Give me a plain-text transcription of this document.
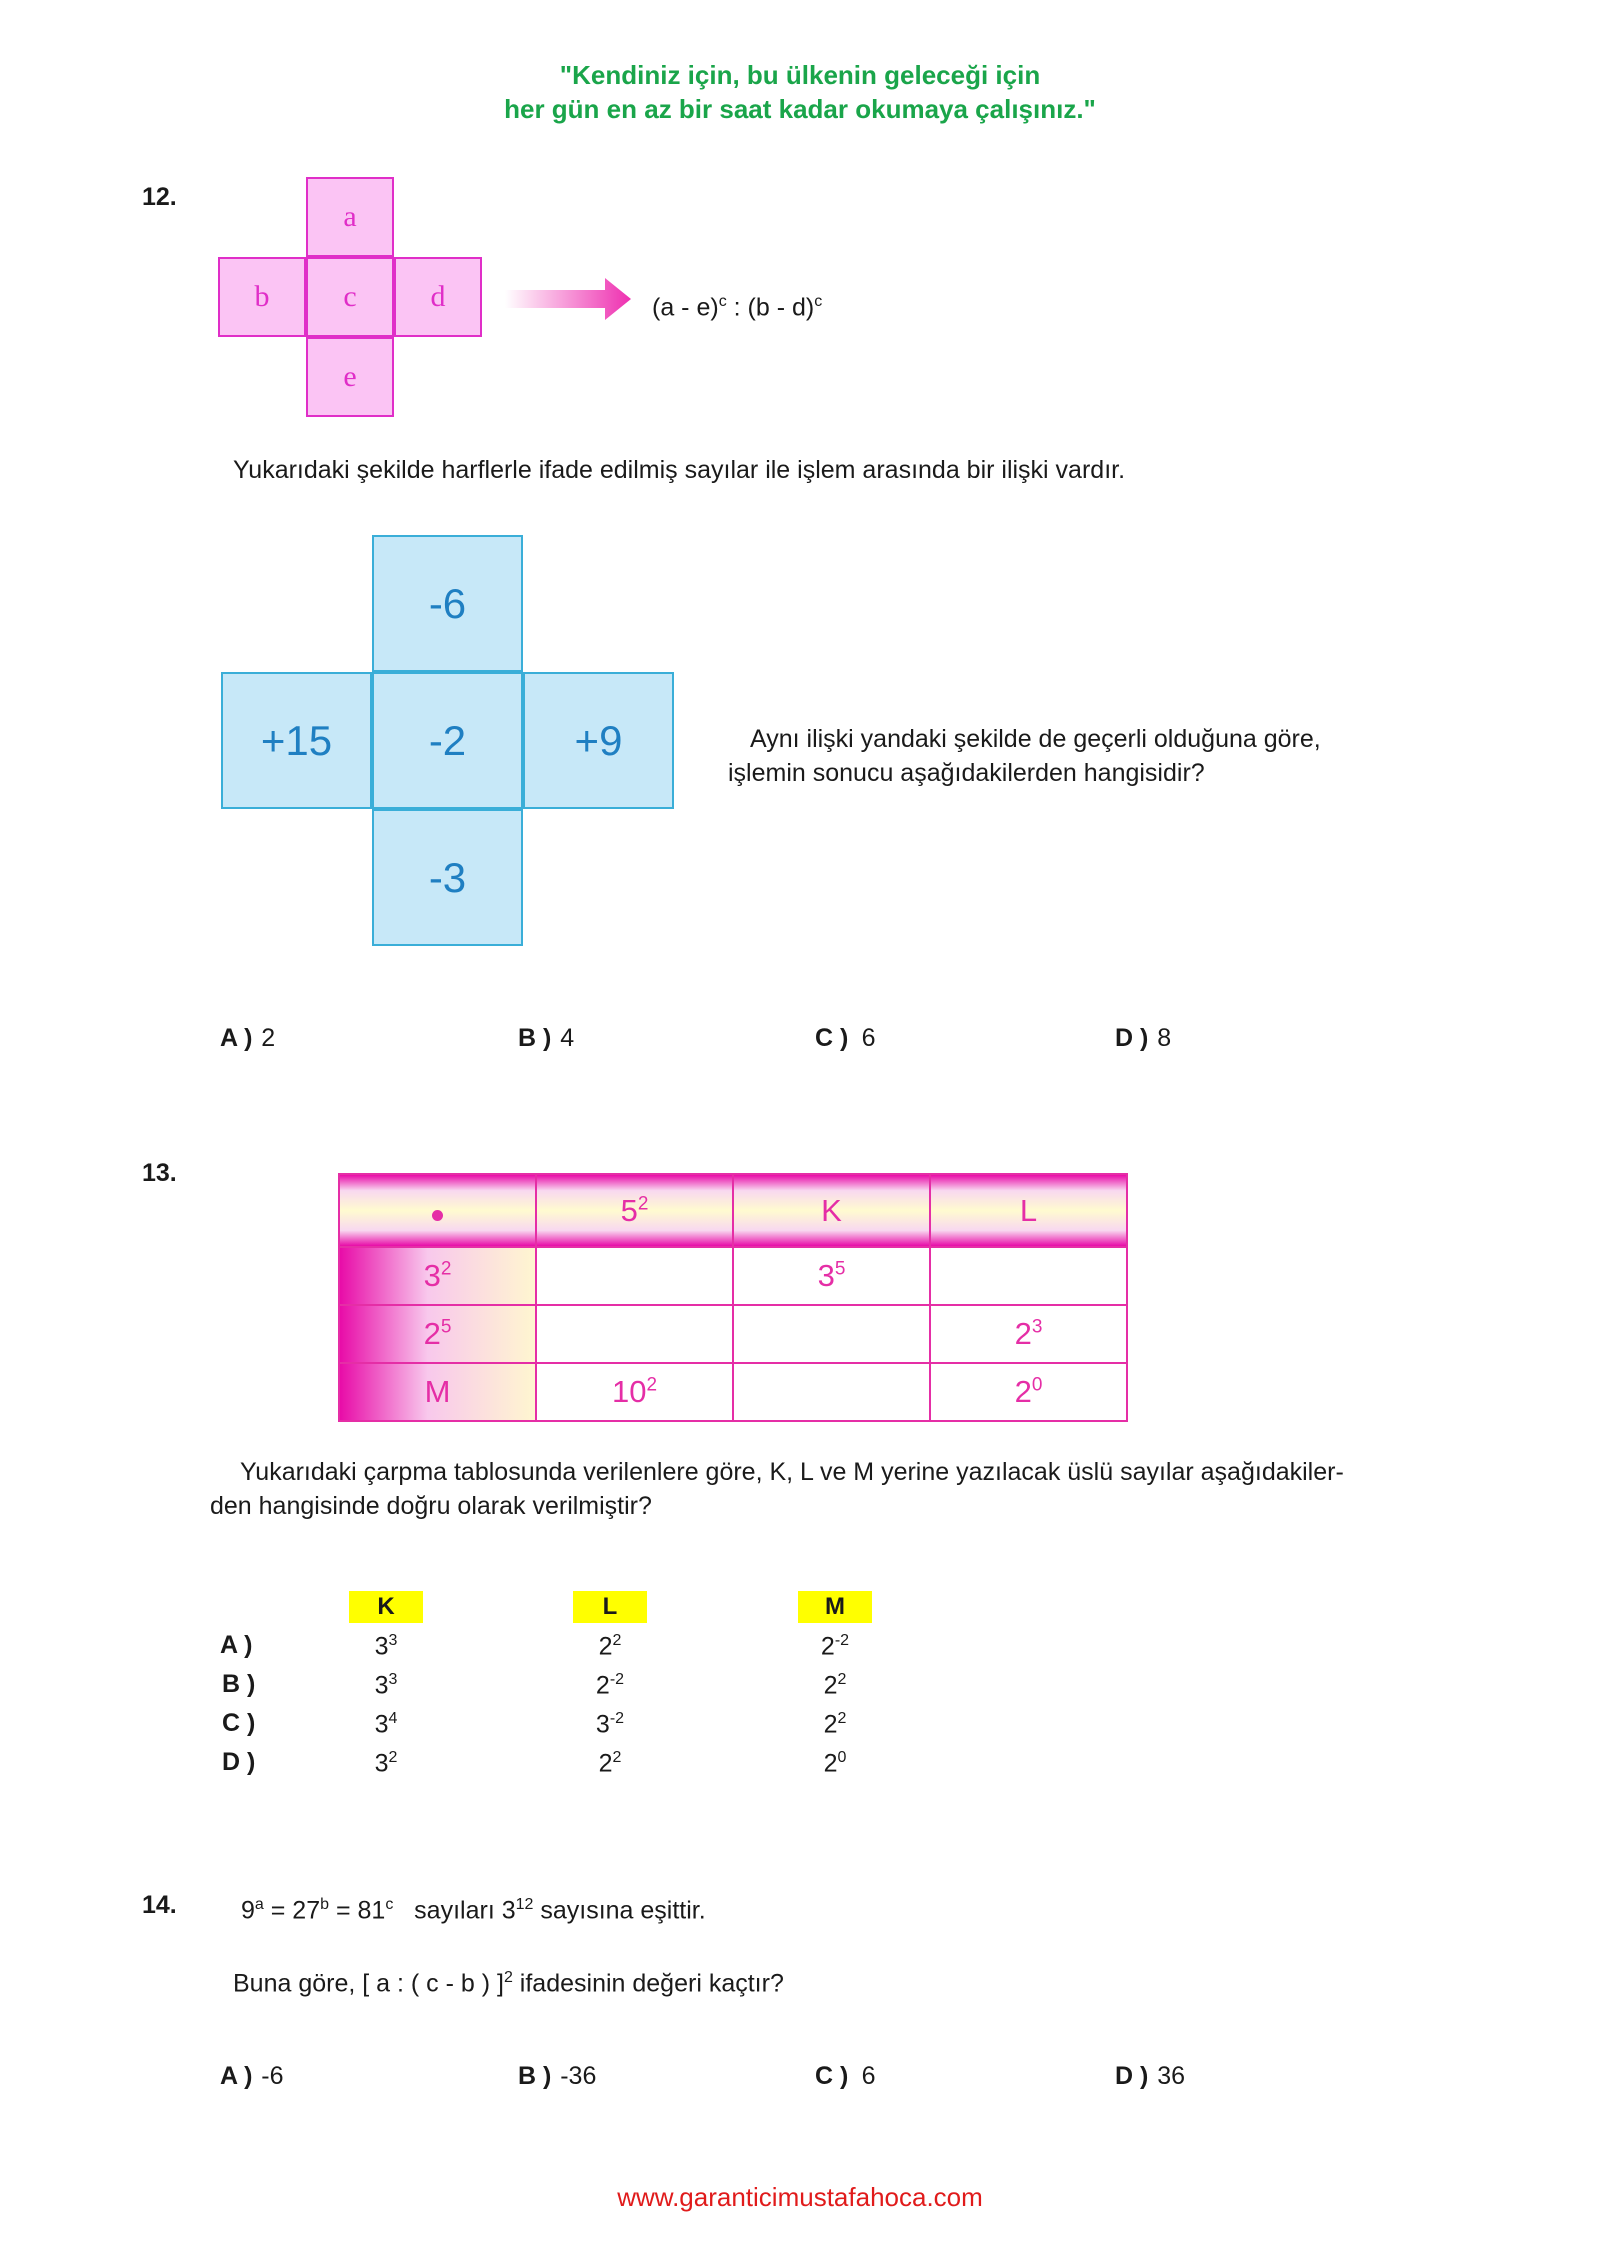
"Kendiniz için, bu ülkenin geleceği için
her gün en az bir saat kadar okumaya çalışınız."
12.
a
b	c	d
e
(a - e)$^c$ : (b - d)$^c$
Yukarıdaki şekilde harflerle ifade edilmiş sayılar ile işlem arasında bir ilişki vardır.
-6
+15	-2	+9
-3
Aynı ilişki yandaki şekilde de geçerli olduğuna göre,
işlemin sonucu aşağıdakilerden hangisidir?
A ) 2	B ) 4	C ) 6	D ) 8
13.
	$5^2$	K	L
$3^2$		$3^5$	
$2^5$			$2^3$
M	$10^2$		$2^0$
Yukarıdaki çarpma tablosunda verilenlere göre, K, L ve M yerine yazılacak üslü sayılar aşağıdakiler-
den hangisinde doğru olarak verilmiştir?
K	L	M
A )	$3^3$	$2^2$	$2^{-2}$
B )	$3^3$	$2^{-2}$	$2^2$
C )	$3^4$	$3^{-2}$	$2^2$
D )	$3^2$	$2^2$	$2^0$
14.	$9^a = 27^b = 81^c$   sayıları $3^{12}$ sayısına eşittir.
Buna göre, [ a : ( c - b ) ]$^2$ ifadesinin değeri kaçtır?
A ) -6	B ) -36	C ) 6	D ) 36
www.garanticimustafahoca.com
